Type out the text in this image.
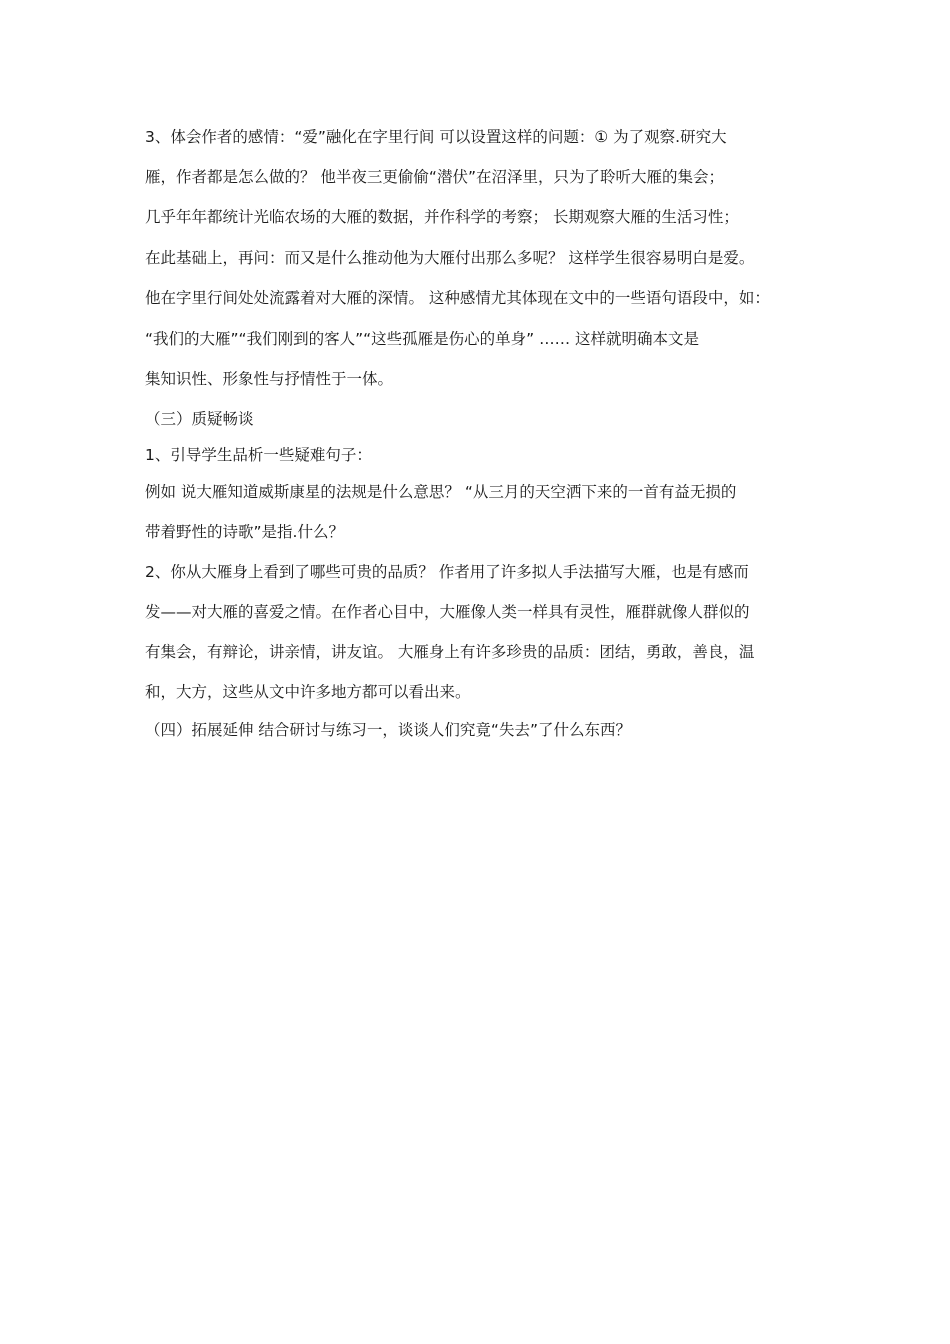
3、体会作者的感情：“爱”融化在字里行间 可以设置这样的问题：① 为了观察.研究大
雁，作者都是怎么做的？ 他半夜三更偷偷“潜伏”在沼泽里，只为了聆听大雁的集会；
几乎年年都统计光临农场的大雁的数据，并作科学的考察； 长期观察大雁的生活习性；
在此基础上，再问：而又是什么推动他为大雁付出那么多呢？ 这样学生很容易明白是爱。
他在字里行间处处流露着对大雁的深情。 这种感情尤其体现在文中的一些语句语段中，如：
“我们的大雁”“我们刚到的客人”“这些孤雁是伤心的单身” …… 这样就明确本文是
集知识性、形象性与抒情性于一体。
（三）质疑畅谈
1、引导学生品析一些疑难句子：
例如 说大雁知道威斯康星的法规是什么意思？ “从三月的天空洒下来的一首有益无损的
带着野性的诗歌”是指.什么？
2、你从大雁身上看到了哪些可贵的品质？ 作者用了许多拟人手法描写大雁，也是有感而
发——对大雁的喜爱之情。在作者心目中，大雁像人类一样具有灵性，雁群就像人群似的
有集会，有辩论，讲亲情，讲友谊。 大雁身上有许多珍贵的品质：团结，勇敢，善良，温
和，大方，这些从文中许多地方都可以看出来。
（四）拓展延伸 结合研讨与练习一，谈谈人们究竟“失去”了什么东西？
